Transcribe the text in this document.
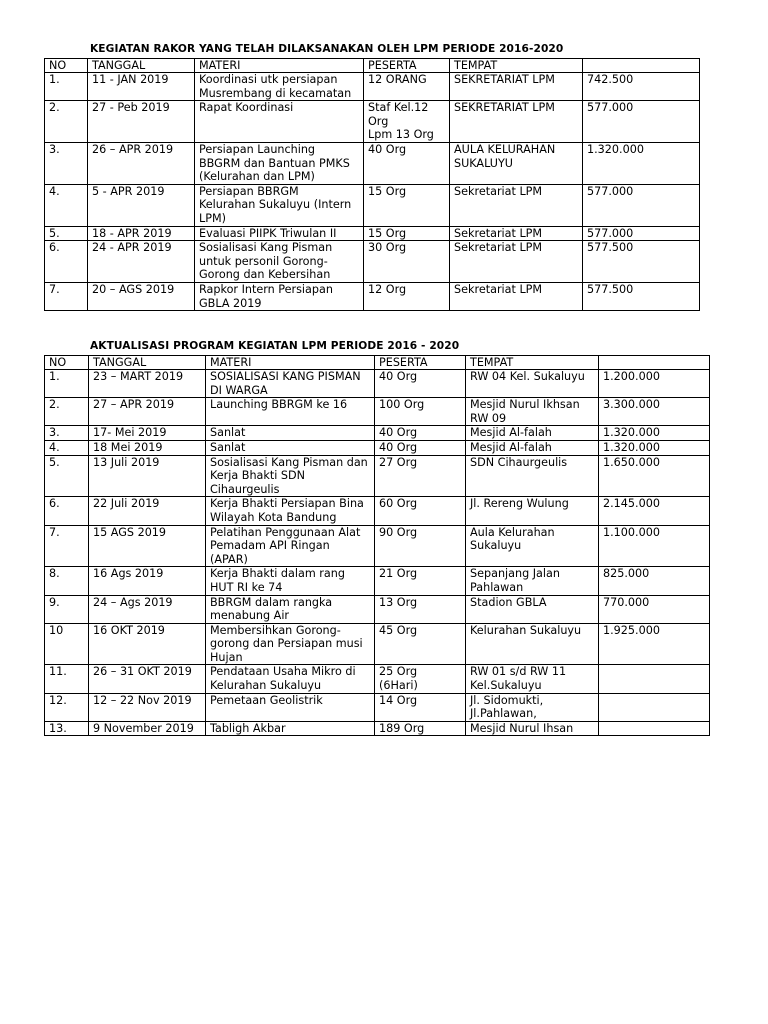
KEGIATAN RAKOR YANG TELAH DILAKSANAKAN OLEH LPM PERIODE 2016-2020
NO	TANGGAL	MATERI	PESERTA	TEMPAT	

1.	11 - JAN 2019	Koordinasi utk persiapan
Musrembang di kecamatan	12 ORANG	SEKRETARIAT LPM	742.500

2.	27 - Peb 2019	Rapat Koordinasi	Staf Kel.12
Org
Lpm 13 Org	SEKRETARIAT LPM	577.000

3.	26 – APR 2019	Persiapan Launching
BBGRM dan Bantuan PMKS
(Kelurahan dan LPM)	40 Org	AULA KELURAHAN
SUKALUYU	1.320.000

4.	5 - APR 2019	Persiapan BBRGM
Kelurahan Sukaluyu (Intern
LPM)	15 Org	Sekretariat LPM	577.000

5.	18 - APR 2019	Evaluasi PIIPK Triwulan II	15 Org	Sekretariat LPM	577.000

6.	24 - APR 2019	Sosialisasi Kang Pisman
untuk personil Gorong-
Gorong dan Kebersihan	30 Org	Sekretariat LPM	577.500

7.	20 – AGS 2019	Rapkor Intern Persiapan
GBLA 2019	12 Org	Sekretariat LPM	577.500
AKTUALISASI PROGRAM KEGIATAN LPM PERIODE 2016 - 2020
NO	TANGGAL	MATERI	PESERTA	TEMPAT	

1.	23 – MART 2019	SOSIALISASI KANG PISMAN
DI WARGA	40 Org	RW 04 Kel. Sukaluyu	1.200.000

2.	27 – APR 2019	Launching BBRGM ke 16	100 Org	Mesjid Nurul Ikhsan
RW 09	3.300.000

3.	17- Mei 2019	Sanlat	40 Org	Mesjid Al-falah	1.320.000

4.	18 Mei 2019	Sanlat	40 Org	Mesjid Al-falah	1.320.000

5.	13 Juli 2019	Sosialisasi Kang Pisman dan
Kerja Bhakti SDN
Cihaurgeulis	27 Org	SDN Cihaurgeulis	1.650.000

6.	22 Juli 2019	Kerja Bhakti Persiapan Bina
Wilayah Kota Bandung	60 Org	Jl. Rereng Wulung	2.145.000

7.	15 AGS 2019	Pelatihan Penggunaan Alat
Pemadam API Ringan
(APAR)	90 Org	Aula Kelurahan
Sukaluyu	1.100.000

8.	16 Ags 2019	Kerja Bhakti dalam rang
HUT RI ke 74	21 Org	Sepanjang Jalan
Pahlawan	825.000

9.	24 – Ags 2019	BBRGM dalam rangka
menabung Air	13 Org	Stadion GBLA	770.000

10	16 OKT 2019	Membersihkan Gorong-
gorong dan Persiapan musi
Hujan	45 Org	Kelurahan Sukaluyu	1.925.000

11.	26 – 31 OKT 2019	Pendataan Usaha Mikro di
Kelurahan Sukaluyu	25 Org
(6Hari)	RW 01 s/d RW 11
Kel.Sukaluyu	

12.	12 – 22 Nov 2019	Pemetaan Geolistrik	14 Org	Jl. Sidomukti,
Jl.Pahlawan,	

13.	9 November 2019	Tabligh Akbar	189 Org	Mesjid Nurul Ihsan	
